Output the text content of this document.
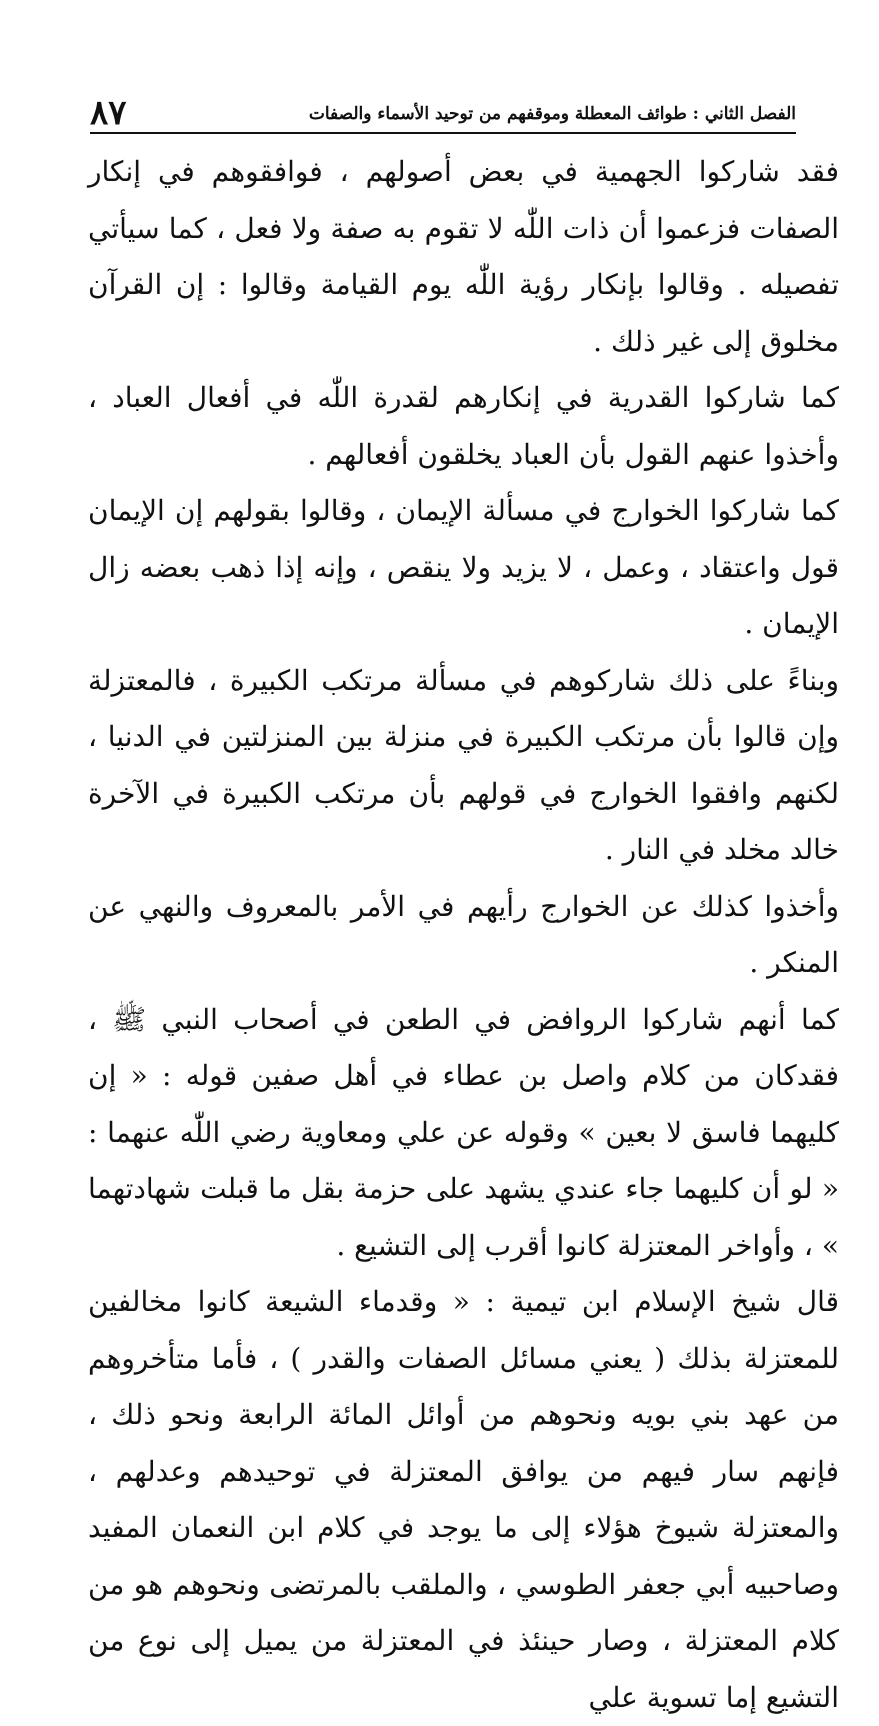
الفصل الثاني : طوائف المعطلة وموقفهم من توحيد الأسماء والصفات
٨٧

فقد شاركوا الجهمية في بعض أصولهم ، فوافقوهم في إنكار الصفات فزعموا أن ذات اللّٰه لا تقوم به صفة ولا فعل ، كما سيأتي تفصيله . وقالوا بإنكار رؤية اللّٰه يوم القيامة وقالوا : إن القرآن مخلوق إلى غير ذلك .

كما شاركوا القدرية في إنكارهم لقدرة اللّٰه في أفعال العباد ، وأخذوا عنهم القول بأن العباد يخلقون أفعالهم .

كما شاركوا الخوارج في مسألة الإيمان ، وقالوا بقولهم إن الإيمان قول واعتقاد ، وعمل ، لا يزيد ولا ينقص ، وإنه إذا ذهب بعضه زال الإيمان .

وبناءً على ذلك شاركوهم في مسألة مرتكب الكبيرة ، فالمعتزلة وإن قالوا بأن مرتكب الكبيرة في منزلة بين المنزلتين في الدنيا ، لكنهم وافقوا الخوارج في قولهم بأن مرتكب الكبيرة في الآخرة خالد مخلد في النار .

وأخذوا كذلك عن الخوارج رأيهم في الأمر بالمعروف والنهي عن المنكر .

كما أنهم شاركوا الروافض في الطعن في أصحاب النبي ﷺ ، فقدكان من كلام واصل بن عطاء في أهل صفين قوله : « إن كليهما فاسق لا بعين » وقوله عن علي ومعاوية رضي اللّٰه عنهما : « لو أن كليهما جاء عندي يشهد على حزمة بقل ما قبلت شهادتهما » ، وأواخر المعتزلة كانوا أقرب إلى التشيع .

قال شيخ الإسلام ابن تيمية : « وقدماء الشيعة كانوا مخالفين للمعتزلة بذلك ( يعني مسائل الصفات والقدر ) ، فأما متأخروهم من عهد بني بويه ونحوهم من أوائل المائة الرابعة ونحو ذلك ، فإنهم سار فيهم من يوافق المعتزلة في توحيدهم وعدلهم ، والمعتزلة شيوخ هؤلاء إلى ما يوجد في كلام ابن النعمان المفيد وصاحبيه أبي جعفر الطوسي ، والملقب بالمرتضى ونحوهم هو من كلام المعتزلة ، وصار حينئذ في المعتزلة من يميل إلى نوع من التشيع إما تسوية علي
